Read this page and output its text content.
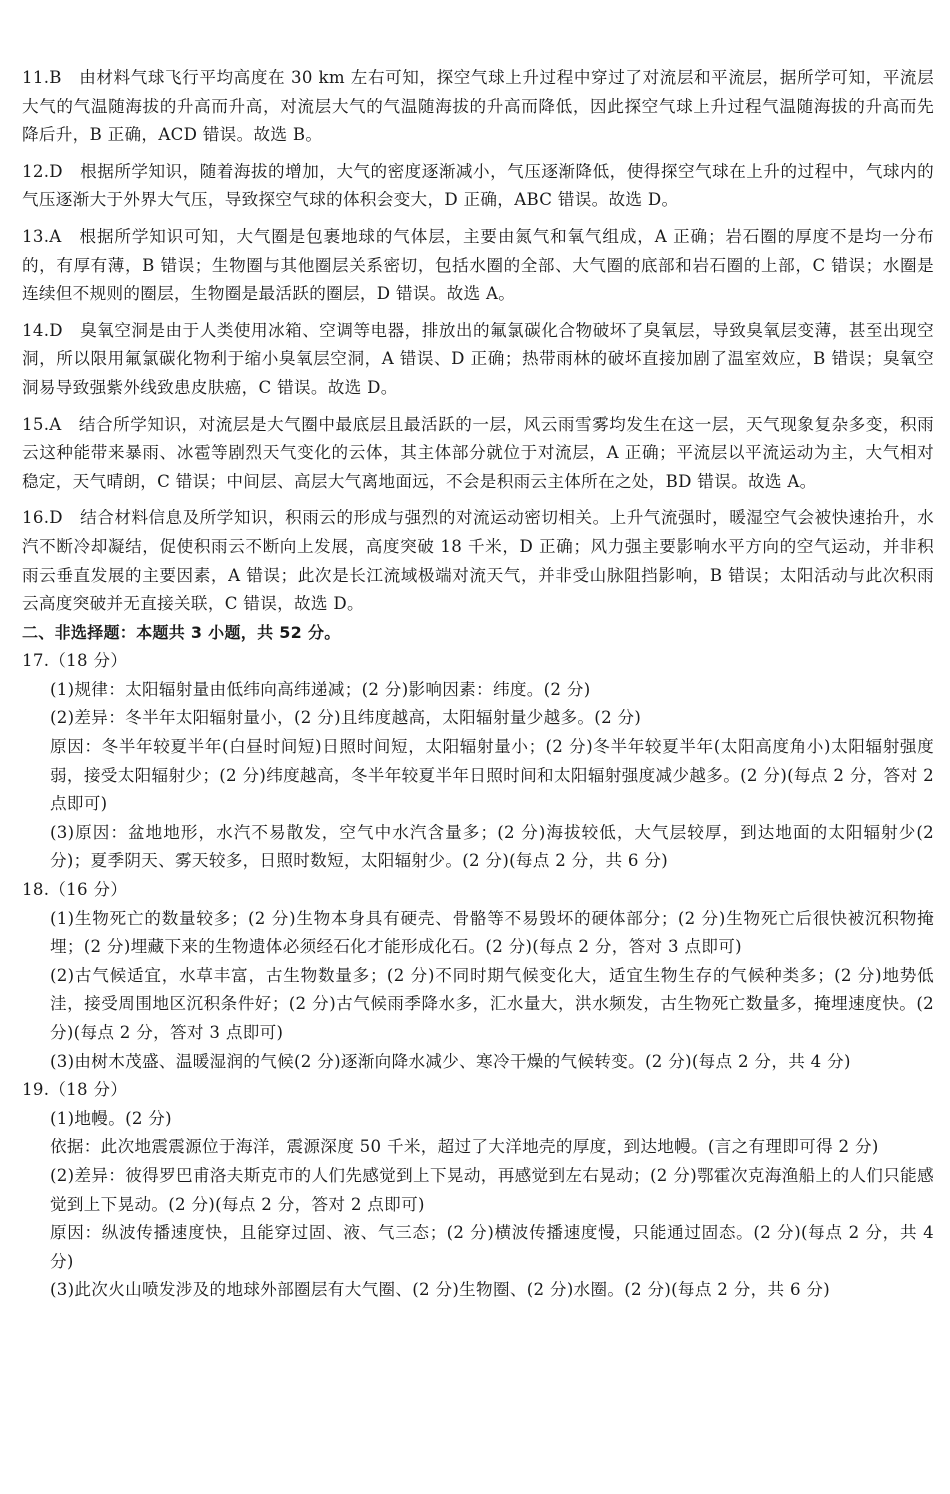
11.B　由材料气球飞行平均高度在 30 km 左右可知，探空气球上升过程中穿过了对流层和平流层，据所学可知，平流层大气的气温随海拔的升高而升高，对流层大气的气温随海拔的升高而降低，因此探空气球上升过程气温随海拔的升高而先降后升，B 正确，ACD 错误。故选 B。

12.D　根据所学知识，随着海拔的增加，大气的密度逐渐减小，气压逐渐降低，使得探空气球在上升的过程中，气球内的气压逐渐大于外界大气压，导致探空气球的体积会变大，D 正确，ABC 错误。故选 D。

13.A　根据所学知识可知，大气圈是包裹地球的气体层，主要由氮气和氧气组成，A 正确；岩石圈的厚度不是均一分布的，有厚有薄，B 错误；生物圈与其他圈层关系密切，包括水圈的全部、大气圈的底部和岩石圈的上部，C 错误；水圈是连续但不规则的圈层，生物圈是最活跃的圈层，D 错误。故选 A。

14.D　臭氧空洞是由于人类使用冰箱、空调等电器，排放出的氟氯碳化合物破坏了臭氧层，导致臭氧层变薄，甚至出现空洞，所以限用氟氯碳化物利于缩小臭氧层空洞，A 错误、D 正确；热带雨林的破坏直接加剧了温室效应，B 错误；臭氧空洞易导致强紫外线致患皮肤癌，C 错误。故选 D。

15.A　结合所学知识，对流层是大气圈中最底层且最活跃的一层，风云雨雪雾均发生在这一层，天气现象复杂多变，积雨云这种能带来暴雨、冰雹等剧烈天气变化的云体，其主体部分就位于对流层，A 正确；平流层以平流运动为主，大气相对稳定，天气晴朗，C 错误；中间层、高层大气离地面远，不会是积雨云主体所在之处，BD 错误。故选 A。

16.D　结合材料信息及所学知识，积雨云的形成与强烈的对流运动密切相关。上升气流强时，暖湿空气会被快速抬升，水汽不断冷却凝结，促使积雨云不断向上发展，高度突破 18 千米，D 正确；风力强主要影响水平方向的空气运动，并非积雨云垂直发展的主要因素，A 错误；此次是长江流域极端对流天气，并非受山脉阻挡影响，B 错误；太阳活动与此次积雨云高度突破并无直接关联，C 错误，故选 D。

二、非选择题：本题共 3 小题，共 52 分。

17.（18 分）

(1)规律：太阳辐射量由低纬向高纬递减；(2 分)影响因素：纬度。(2 分)

(2)差异：冬半年太阳辐射量小，(2 分)且纬度越高，太阳辐射量少越多。(2 分)

原因：冬半年较夏半年(白昼时间短)日照时间短，太阳辐射量小；(2 分)冬半年较夏半年(太阳高度角小)太阳辐射强度弱，接受太阳辐射少；(2 分)纬度越高，冬半年较夏半年日照时间和太阳辐射强度减少越多。(2 分)(每点 2 分，答对 2 点即可)

(3)原因：盆地地形，水汽不易散发，空气中水汽含量多；(2 分)海拔较低，大气层较厚，到达地面的太阳辐射少(2 分)；夏季阴天、雾天较多，日照时数短，太阳辐射少。(2 分)(每点 2 分，共 6 分)

18.（16 分）

(1)生物死亡的数量较多；(2 分)生物本身具有硬壳、骨骼等不易毁坏的硬体部分；(2 分)生物死亡后很快被沉积物掩埋；(2 分)埋藏下来的生物遗体必须经石化才能形成化石。(2 分)(每点 2 分，答对 3 点即可)

(2)古气候适宜，水草丰富，古生物数量多；(2 分)不同时期气候变化大，适宜生物生存的气候种类多；(2 分)地势低洼，接受周围地区沉积条件好；(2 分)古气候雨季降水多，汇水量大，洪水频发，古生物死亡数量多，掩埋速度快。(2 分)(每点 2 分，答对 3 点即可)

(3)由树木茂盛、温暖湿润的气候(2 分)逐渐向降水减少、寒冷干燥的气候转变。(2 分)(每点 2 分，共 4 分)

19.（18 分）

(1)地幔。(2 分)

依据：此次地震震源位于海洋，震源深度 50 千米，超过了大洋地壳的厚度，到达地幔。(言之有理即可得 2 分)

(2)差异：彼得罗巴甫洛夫斯克市的人们先感觉到上下晃动，再感觉到左右晃动；(2 分)鄂霍次克海渔船上的人们只能感觉到上下晃动。(2 分)(每点 2 分，答对 2 点即可)

原因：纵波传播速度快，且能穿过固、液、气三态；(2 分)横波传播速度慢，只能通过固态。(2 分)(每点 2 分，共 4 分)

(3)此次火山喷发涉及的地球外部圈层有大气圈、(2 分)生物圈、(2 分)水圈。(2 分)(每点 2 分，共 6 分)
